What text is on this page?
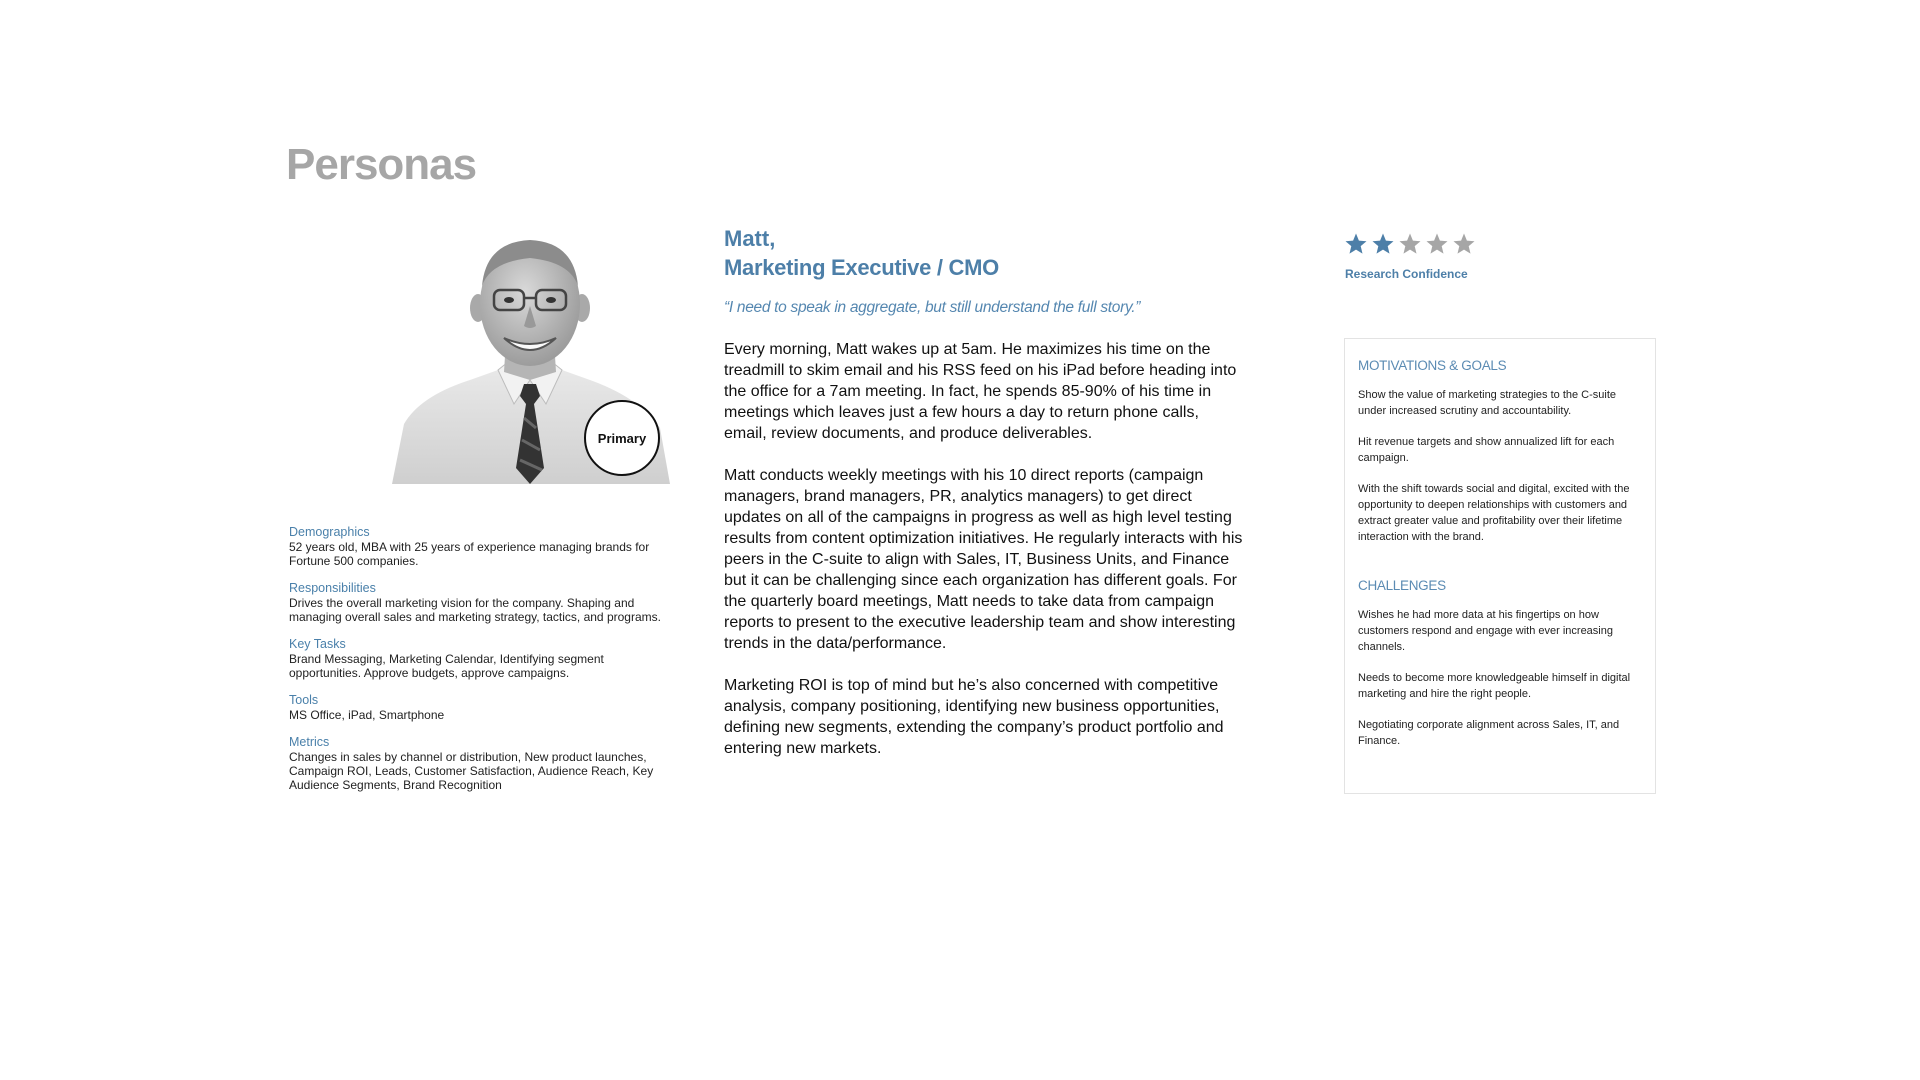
Personas
Primary
Demographics
52 years old, MBA with 25 years of experience managing brands for Fortune 500 companies.
Responsibilities
Drives the overall marketing vision for the company. Shaping and managing overall sales and marketing strategy, tactics, and programs.
Key Tasks
Brand Messaging, Marketing Calendar, Identifying segment opportunities. Approve budgets, approve campaigns.
Tools
MS Office, iPad, Smartphone
Metrics
Changes in sales by channel or distribution, New product launches, Campaign ROI, Leads, Customer Satisfaction, Audience Reach, Key Audience Segments, Brand Recognition
Matt,
Marketing Executive / CMO
“I need to speak in aggregate, but still understand the full story.”

Every morning, Matt wakes up at 5am. He maximizes his time on the treadmill to skim email and his RSS feed on his iPad before heading into the office for a 7am meeting. In fact, he spends 85-90% of his time in meetings which leaves just a few hours a day to return phone calls, email, review documents, and produce deliverables.

Matt conducts weekly meetings with his 10 direct reports (campaign managers, brand managers, PR, analytics managers) to get direct updates on all of the campaigns in progress as well as high level testing results from content optimization initiatives. He regularly interacts with his peers in the C-suite to align with Sales, IT, Business Units, and Finance but it can be challenging since each organization has different goals. For the quarterly board meetings, Matt needs to take data from campaign reports to present to the executive leadership team and show interesting trends in the data/performance.

Marketing ROI is top of mind but he’s also concerned with competitive analysis, company positioning, identifying new business opportunities, defining new segments, extending the company’s product portfolio and entering new markets.

Research Confidence
MOTIVATIONS & GOALS
Show the value of marketing strategies to the C-suite under increased scrutiny and accountability.
Hit revenue targets and show annualized lift for each campaign.
With the shift towards social and digital, excited with the opportunity to deepen relationships with customers and extract greater value and profitability over their lifetime interaction with the brand.
CHALLENGES
Wishes he had more data at his fingertips on how customers respond and engage with ever increasing channels.
Needs to become more knowledgeable himself in digital marketing and hire the right people.
Negotiating corporate alignment across Sales, IT, and Finance.
